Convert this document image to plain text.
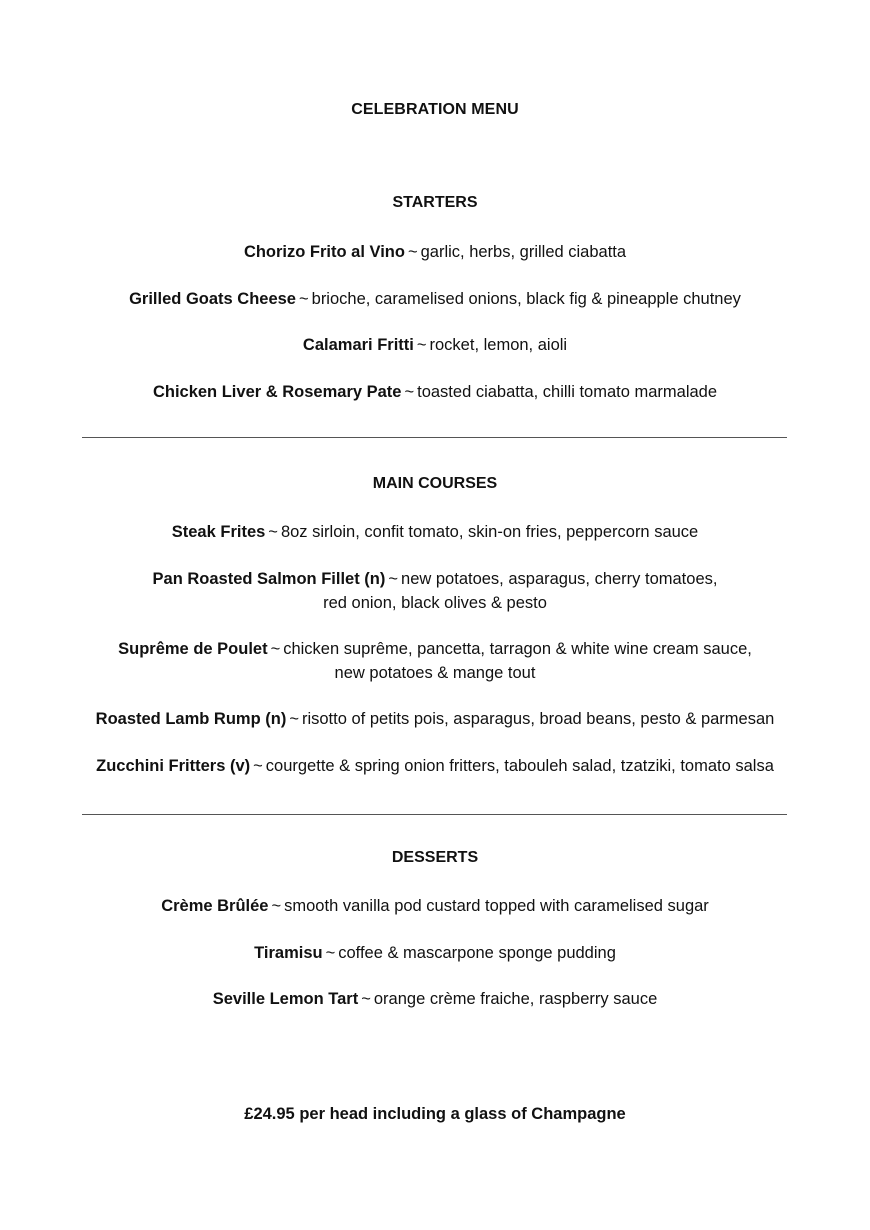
CELEBRATION MENU
STARTERS
Chorizo Frito al Vino ~ garlic, herbs, grilled ciabatta
Grilled Goats Cheese ~ brioche, caramelised onions, black fig & pineapple chutney
Calamari Fritti ~ rocket, lemon, aioli
Chicken Liver & Rosemary Pate ~ toasted ciabatta, chilli tomato marmalade
MAIN COURSES
Steak Frites ~ 8oz sirloin, confit tomato, skin-on fries, peppercorn sauce
Pan Roasted Salmon Fillet (n) ~ new potatoes, asparagus, cherry tomatoes,
red onion, black olives & pesto
Suprême de Poulet ~ chicken suprême, pancetta, tarragon & white wine cream sauce,
new potatoes & mange tout
Roasted Lamb Rump (n) ~ risotto of petits pois, asparagus, broad beans, pesto & parmesan
Zucchini Fritters (v) ~ courgette & spring onion fritters, tabouleh salad, tzatziki, tomato salsa
DESSERTS
Crème Brûlée ~ smooth vanilla pod custard topped with caramelised sugar
Tiramisu ~ coffee & mascarpone sponge pudding
Seville Lemon Tart ~ orange crème fraiche, raspberry sauce
£24.95 per head including a glass of Champagne
